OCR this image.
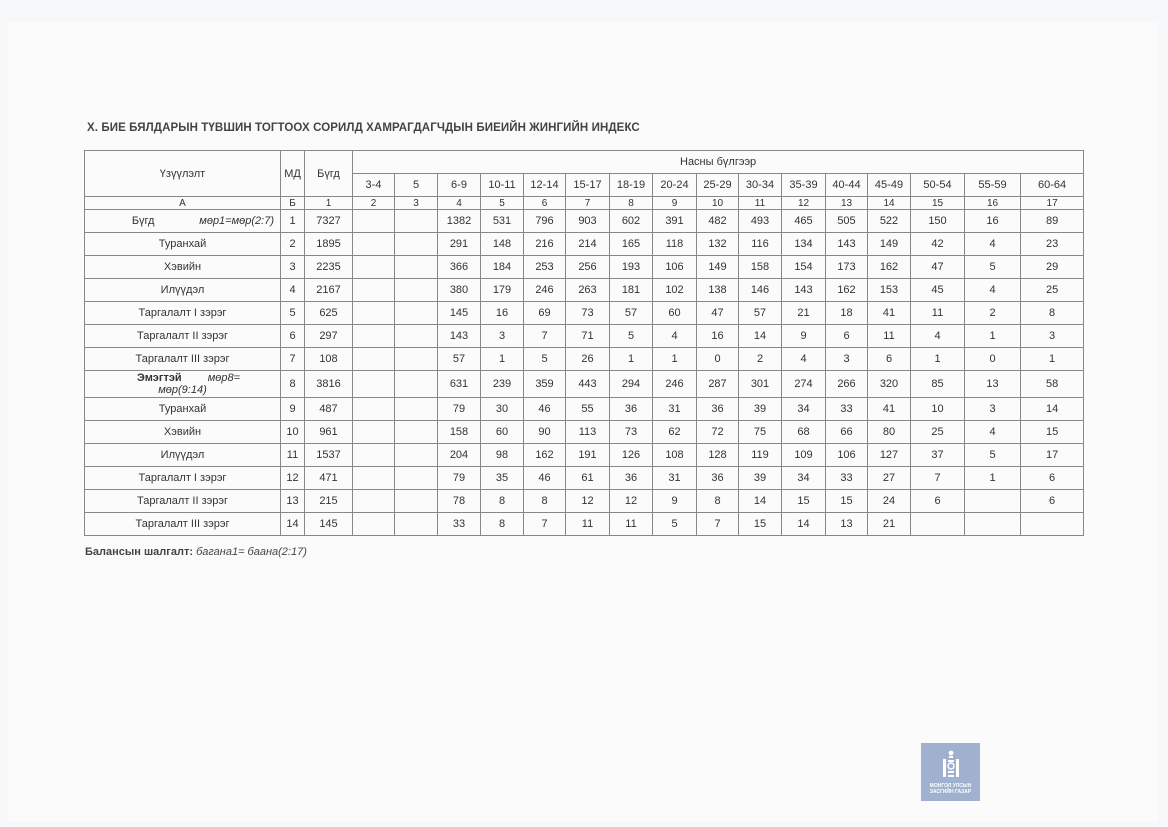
X. БИЕ БЯЛДАРЫН ТҮВШИН ТОГТООХ СОРИЛД ХАМРАГДАГЧДЫН БИЕИЙН ЖИНГИЙН ИНДЕКС
Үзүүлэлт	МД	Бүгд	Насны бүлгээр															
			3-4	5	6-9	10-11	12-14	15-17	18-19	20-24	25-29	30-34	35-39	40-44	45-49	50-54	55-59	60-64
А	Б	1	2	3	4	5	6	7	8	9	10	11	12	13	14	15	16	17
Бүгд мөр1=мөр(2:7)	1	7327			1382	531	796	903	602	391	482	493	465	505	522	150	16	89
Туранхай	2	1895			291	148	216	214	165	118	132	116	134	143	149	42	4	23
Хэвийн	3	2235			366	184	253	256	193	106	149	158	154	173	162	47	5	29
Илүүдэл	4	2167			380	179	246	263	181	102	138	146	143	162	153	45	4	25
Таргалалт I зэрэг	5	625			145	16	69	73	57	60	47	57	21	18	41	11	2	8
Таргалалт II зэрэг	6	297			143	3	7	71	5	4	16	14	9	6	11	4	1	3
Таргалалт III зэрэг	7	108			57	1	5	26	1	1	0	2	4	3	6	1	0	1

Эмэгтэй мөр8=
мөр(9:14)	8	3816			631	239	359	443	294	246	287	301	274	266	320	85	13	58
Туранхай	9	487			79	30	46	55	36	31	36	39	34	33	41	10	3	14
Хэвийн	10	961			158	60	90	113	73	62	72	75	68	66	80	25	4	15
Илүүдэл	11	1537			204	98	162	191	126	108	128	119	109	106	127	37	5	17
Таргалалт I зэрэг	12	471			79	35	46	61	36	31	36	39	34	33	27	7	1	6
Таргалалт II зэрэг	13	215			78	8	8	12	12	9	8	14	15	15	24	6		6
Таргалалт III зэрэг	14	145			33	8	7	11	11	5	7	15	14	13	21			
Балансын шалгалт: багана1= баана(2:17)
МОНГОЛ УЛСЫН
ЗАСГИЙН ГАЗАР
